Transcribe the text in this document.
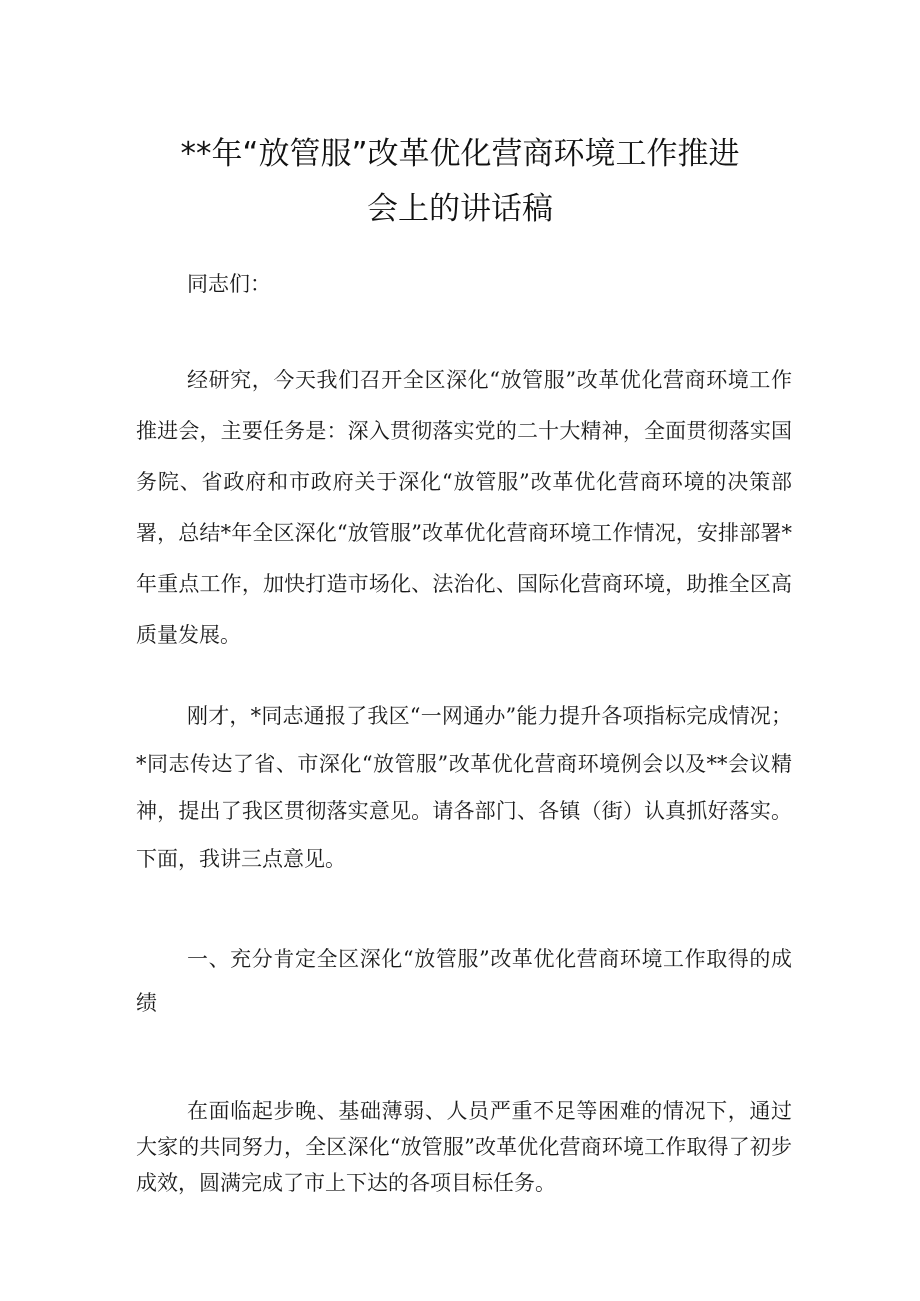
**年“放管服”改革优化营商环境工作推进
会上的讲话稿
同志们：

经研究，今天我们召开全区深化“放管服”改革优化营商环境工作推进会，主要任务是：深入贯彻落实党的二十大精神，全面贯彻落实国务院、省政府和市政府关于深化“放管服”改革优化营商环境的决策部署，总结*年全区深化“放管服”改革优化营商环境工作情况，安排部署*年重点工作，加快打造市场化、法治化、国际化营商环境，助推全区高质量发展。

刚才，*同志通报了我区“一网通办”能力提升各项指标完成情况；*同志传达了省、市深化“放管服”改革优化营商环境例会以及**会议精神，提出了我区贯彻落实意见。请各部门、各镇（街）认真抓好落实。下面，我讲三点意见。

一、充分肯定全区深化“放管服”改革优化营商环境工作取得的成绩

在面临起步晚、基础薄弱、人员严重不足等困难的情况下，通过大家的共同努力，全区深化“放管服”改革优化营商环境工作取得了初步成效，圆满完成了市上下达的各项目标任务。
